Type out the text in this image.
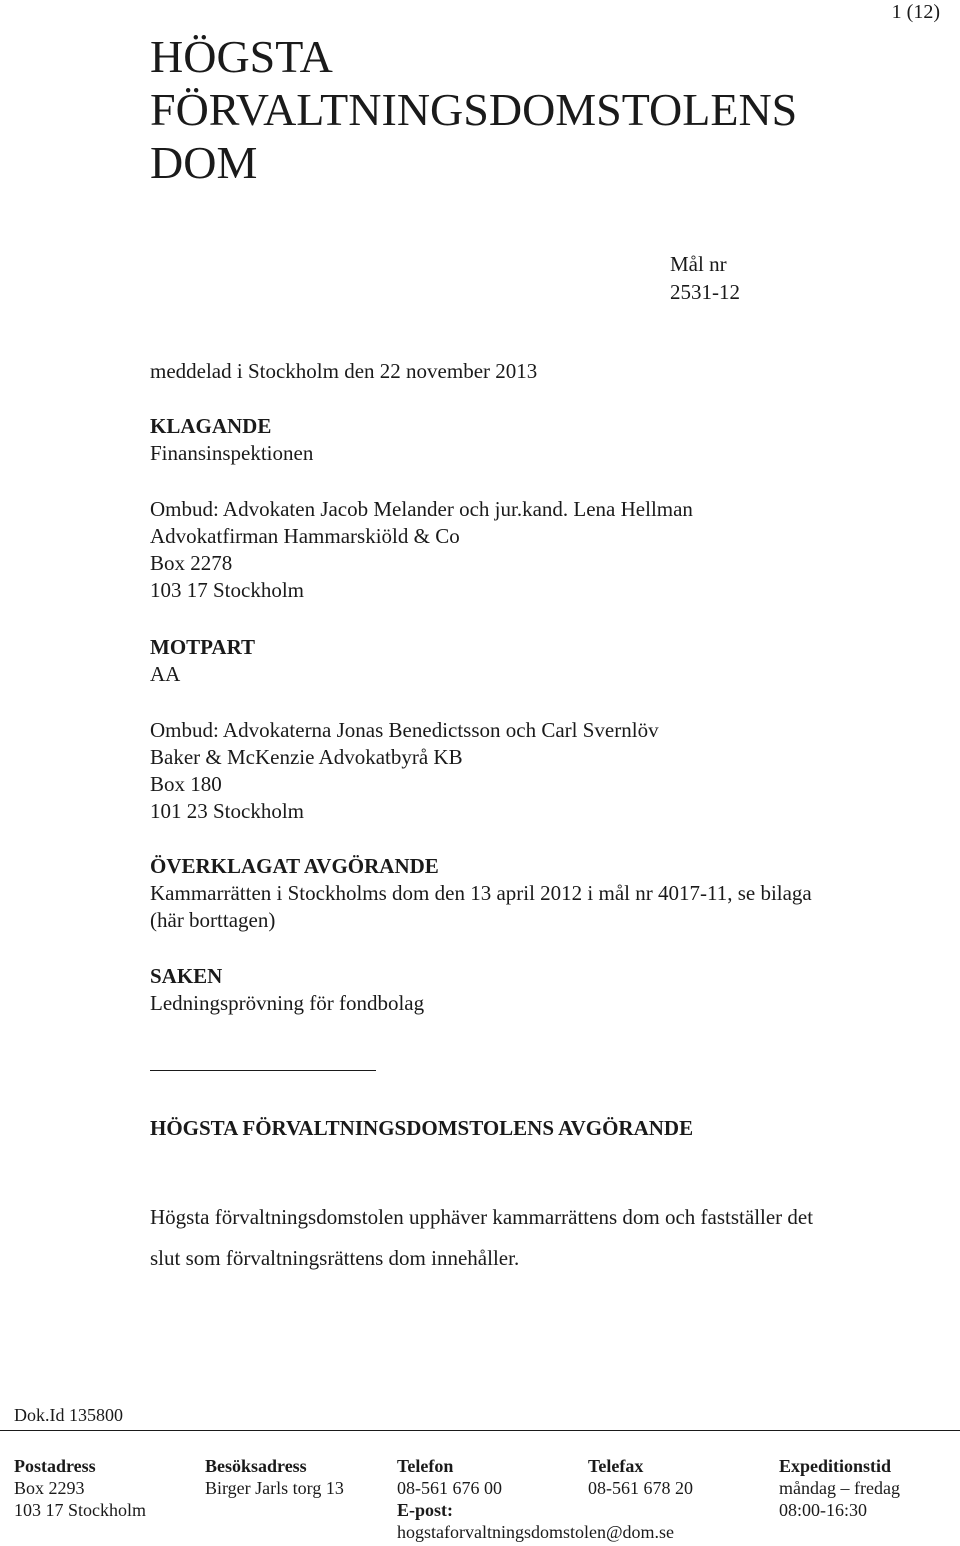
1 (12)
HÖGSTA
FÖRVALTNINGSDOMSTOLENS
DOM
Mål nr
2531-12
meddelad i Stockholm den 22 november 2013
KLAGANDE
Finansinspektionen
Ombud: Advokaten Jacob Melander och jur.kand. Lena Hellman
Advokatfirman Hammarskiöld & Co
Box 2278
103 17 Stockholm
MOTPART
AA
Ombud: Advokaterna Jonas Benedictsson och Carl Svernlöv
Baker & McKenzie Advokatbyrå KB
Box 180
101 23 Stockholm
ÖVERKLAGAT AVGÖRANDE
Kammarrätten i Stockholms dom den 13 april 2012 i mål nr 4017-11, se bilaga
(här borttagen)
SAKEN
Ledningsprövning för fondbolag
HÖGSTA FÖRVALTNINGSDOMSTOLENS AVGÖRANDE
Högsta förvaltningsdomstolen upphäver kammarrättens dom och fastställer det
slut som förvaltningsrättens dom innehåller.
Dok.Id 135800
Postadress
Box 2293
103 17 Stockholm
Besöksadress
Birger Jarls torg 13
Telefon
08-561 676 00
E-post:
hogstaforvaltningsdomstolen@dom.se
Telefax
08-561 678 20
Expeditionstid
måndag – fredag
08:00-16:30
